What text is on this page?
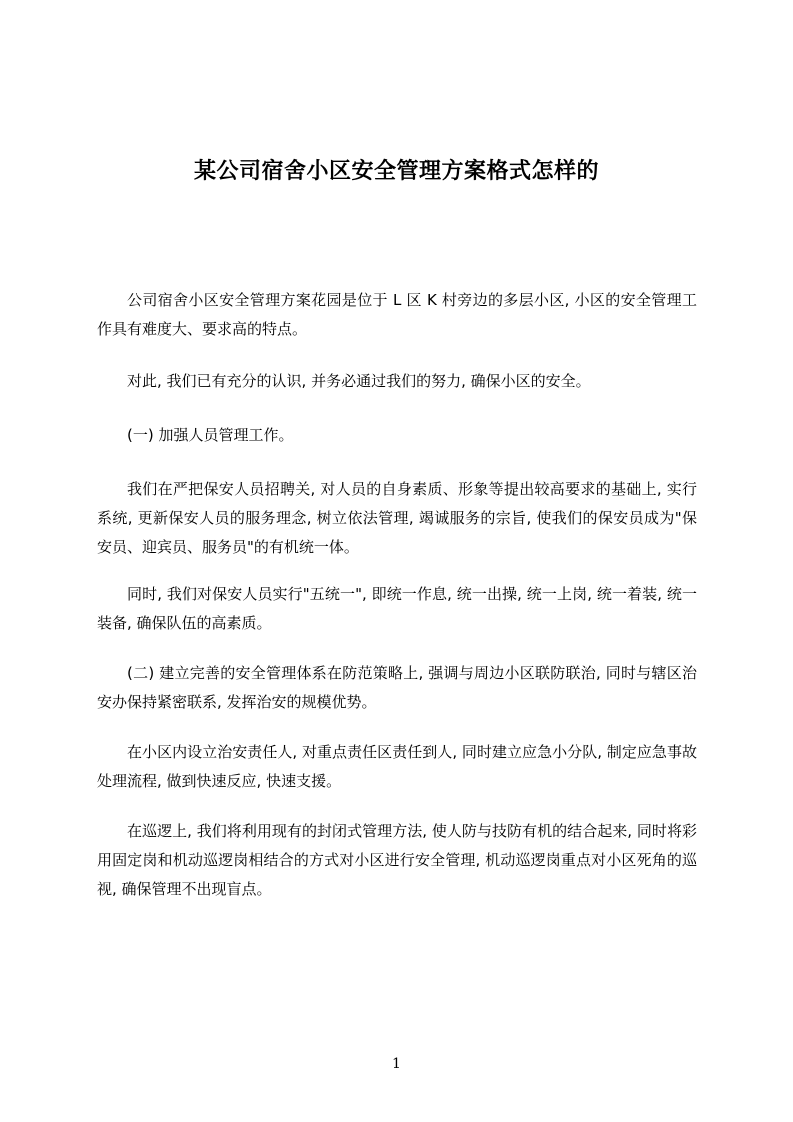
某公司宿舍小区安全管理方案格式怎样的

公司宿舍小区安全管理方案花园是位于 L 区 K 村旁边的多层小区, 小区的安全管理工作具有难度大、要求高的特点。

对此, 我们已有充分的认识, 并务必通过我们的努力, 确保小区的安全。

(一) 加强人员管理工作。

我们在严把保安人员招聘关, 对人员的自身素质、形象等提出较高要求的基础上, 实行系统, 更新保安人员的服务理念, 树立依法管理, 竭诚服务的宗旨, 使我们的保安员成为"保安员、迎宾员、服务员"的有机统一体。

同时, 我们对保安人员实行"五统一", 即统一作息, 统一出操, 统一上岗, 统一着装, 统一装备, 确保队伍的高素质。

(二) 建立完善的安全管理体系在防范策略上, 强调与周边小区联防联治, 同时与辖区治安办保持紧密联系, 发挥治安的规模优势。

在小区内设立治安责任人, 对重点责任区责任到人, 同时建立应急小分队, 制定应急事故处理流程, 做到快速反应, 快速支援。

在巡逻上, 我们将利用现有的封闭式管理方法, 使人防与技防有机的结合起来, 同时将彩用固定岗和机动巡逻岗相结合的方式对小区进行安全管理, 机动巡逻岗重点对小区死角的巡视, 确保管理不出现盲点。

1
